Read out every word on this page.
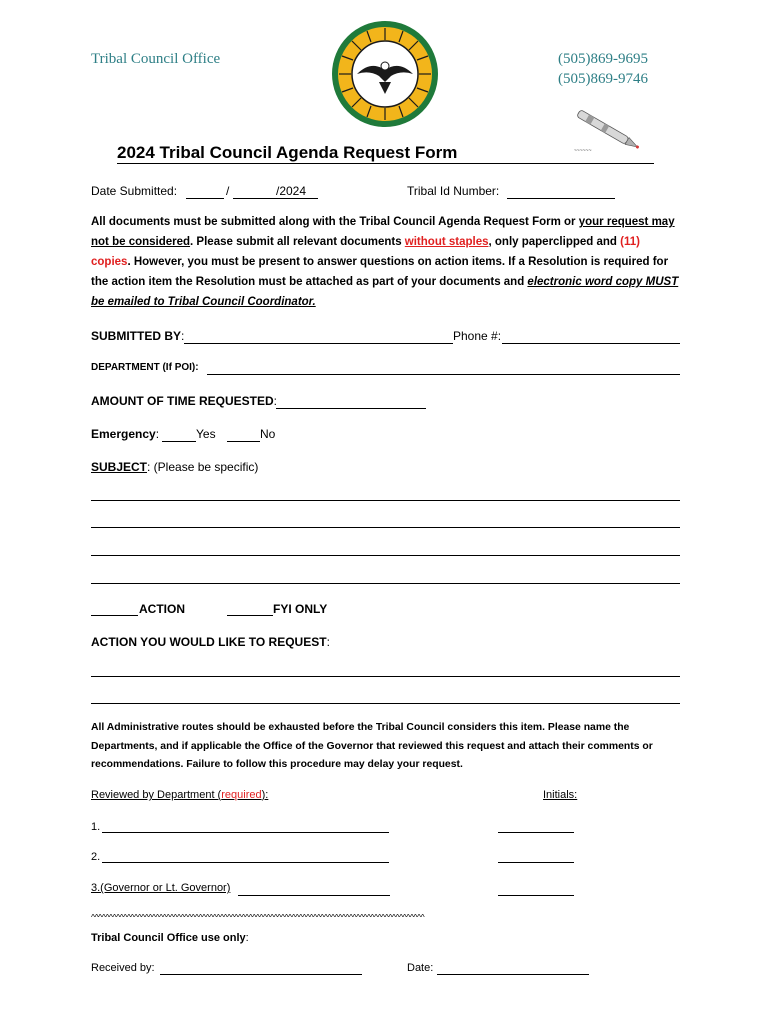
Tribal Council Office	(505)869-9695
(505)869-9746
~~~~~~
2024 Tribal Council Agenda Request Form
Date Submitted:	/	/2024	Tribal Id Number:
All documents must be submitted along with the Tribal Council Agenda Request Form or your request may not be considered. Please submit all relevant documents without staples, only paperclipped and (11) copies. However, you must be present to answer questions on action items. If a Resolution is required for the action item the Resolution must be attached as part of your documents and electronic word copy MUST be emailed to Tribal Council Coordinator.
SUBMITTED BY:	Phone #:
DEPARTMENT (If POI):
AMOUNT OF TIME REQUESTED:
Emergency:	Yes	No
SUBJECT: (Please be specific)
ACTION	FYI ONLY
ACTION YOU WOULD LIKE TO REQUEST:
All Administrative routes should be exhausted before the Tribal Council considers this item. Please name the Departments, and if applicable the Office of the Governor that reviewed this request and attach their comments or recommendations. Failure to follow this procedure may delay your request.
Reviewed by Department (required):	Initials:
1.
2.
3.(Governor or Lt. Governor)
^^^^^^^^^^^^^^^^^^^^^^^^^^^^^^^^^^^^^^^^^^^^^^^^^^^^^^^^^^^^^^^^^^^^^^^^^^^^^^^^^^^^^^^^^^^^^
Tribal Council Office use only:
Received by:	Date:
